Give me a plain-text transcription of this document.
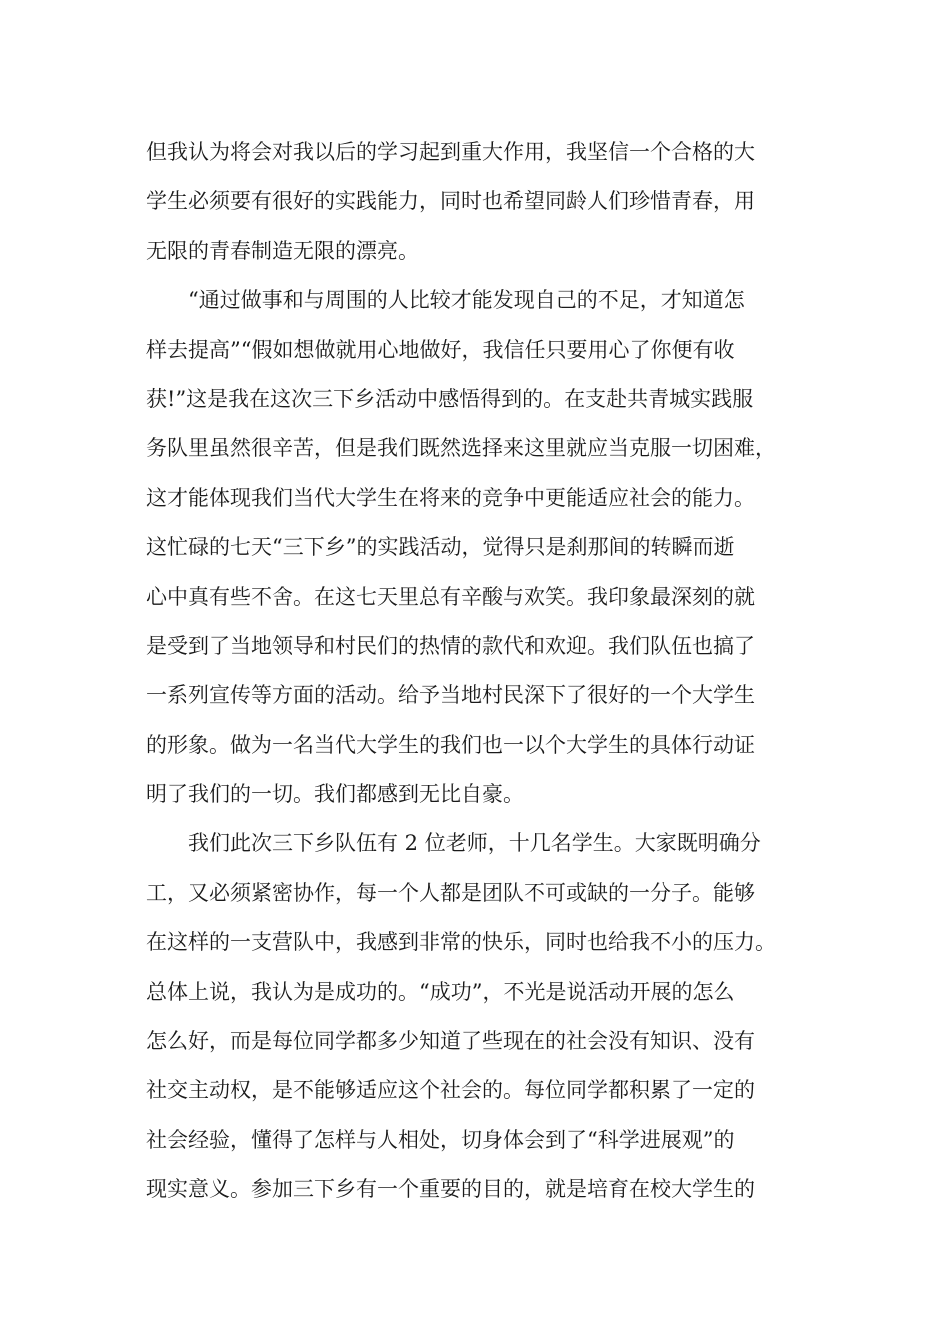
但我认为将会对我以后的学习起到重大作用，我坚信一个合格的大
学生必须要有很好的实践能力，同时也希望同龄人们珍惜青春，用
无限的青春制造无限的漂亮。
　　“通过做事和与周围的人比较才能发现自己的不足，才知道怎
样去提高”“假如想做就用心地做好，我信任只要用心了你便有收
获!”这是我在这次三下乡活动中感悟得到的。在支赴共青城实践服
务队里虽然很辛苦，但是我们既然选择来这里就应当克服一切困难，
这才能体现我们当代大学生在将来的竞争中更能适应社会的能力。
这忙碌的七天“三下乡”的实践活动，觉得只是刹那间的转瞬而逝
心中真有些不舍。在这七天里总有辛酸与欢笑。我印象最深刻的就
是受到了当地领导和村民们的热情的款代和欢迎。我们队伍也搞了
一系列宣传等方面的活动。给予当地村民深下了很好的一个大学生
的形象。做为一名当代大学生的我们也一以个大学生的具体行动证
明了我们的一切。我们都感到无比自豪。
　　我们此次三下乡队伍有 2 位老师，十几名学生。大家既明确分
工，又必须紧密协作，每一个人都是团队不可或缺的一分子。能够
在这样的一支营队中，我感到非常的快乐，同时也给我不小的压力。
总体上说，我认为是成功的。“成功”，不光是说活动开展的怎么
怎么好，而是每位同学都多少知道了些现在的社会没有知识、没有
社交主动权，是不能够适应这个社会的。每位同学都积累了一定的
社会经验，懂得了怎样与人相处，切身体会到了“科学进展观”的
现实意义。参加三下乡有一个重要的目的，就是培育在校大学生的
